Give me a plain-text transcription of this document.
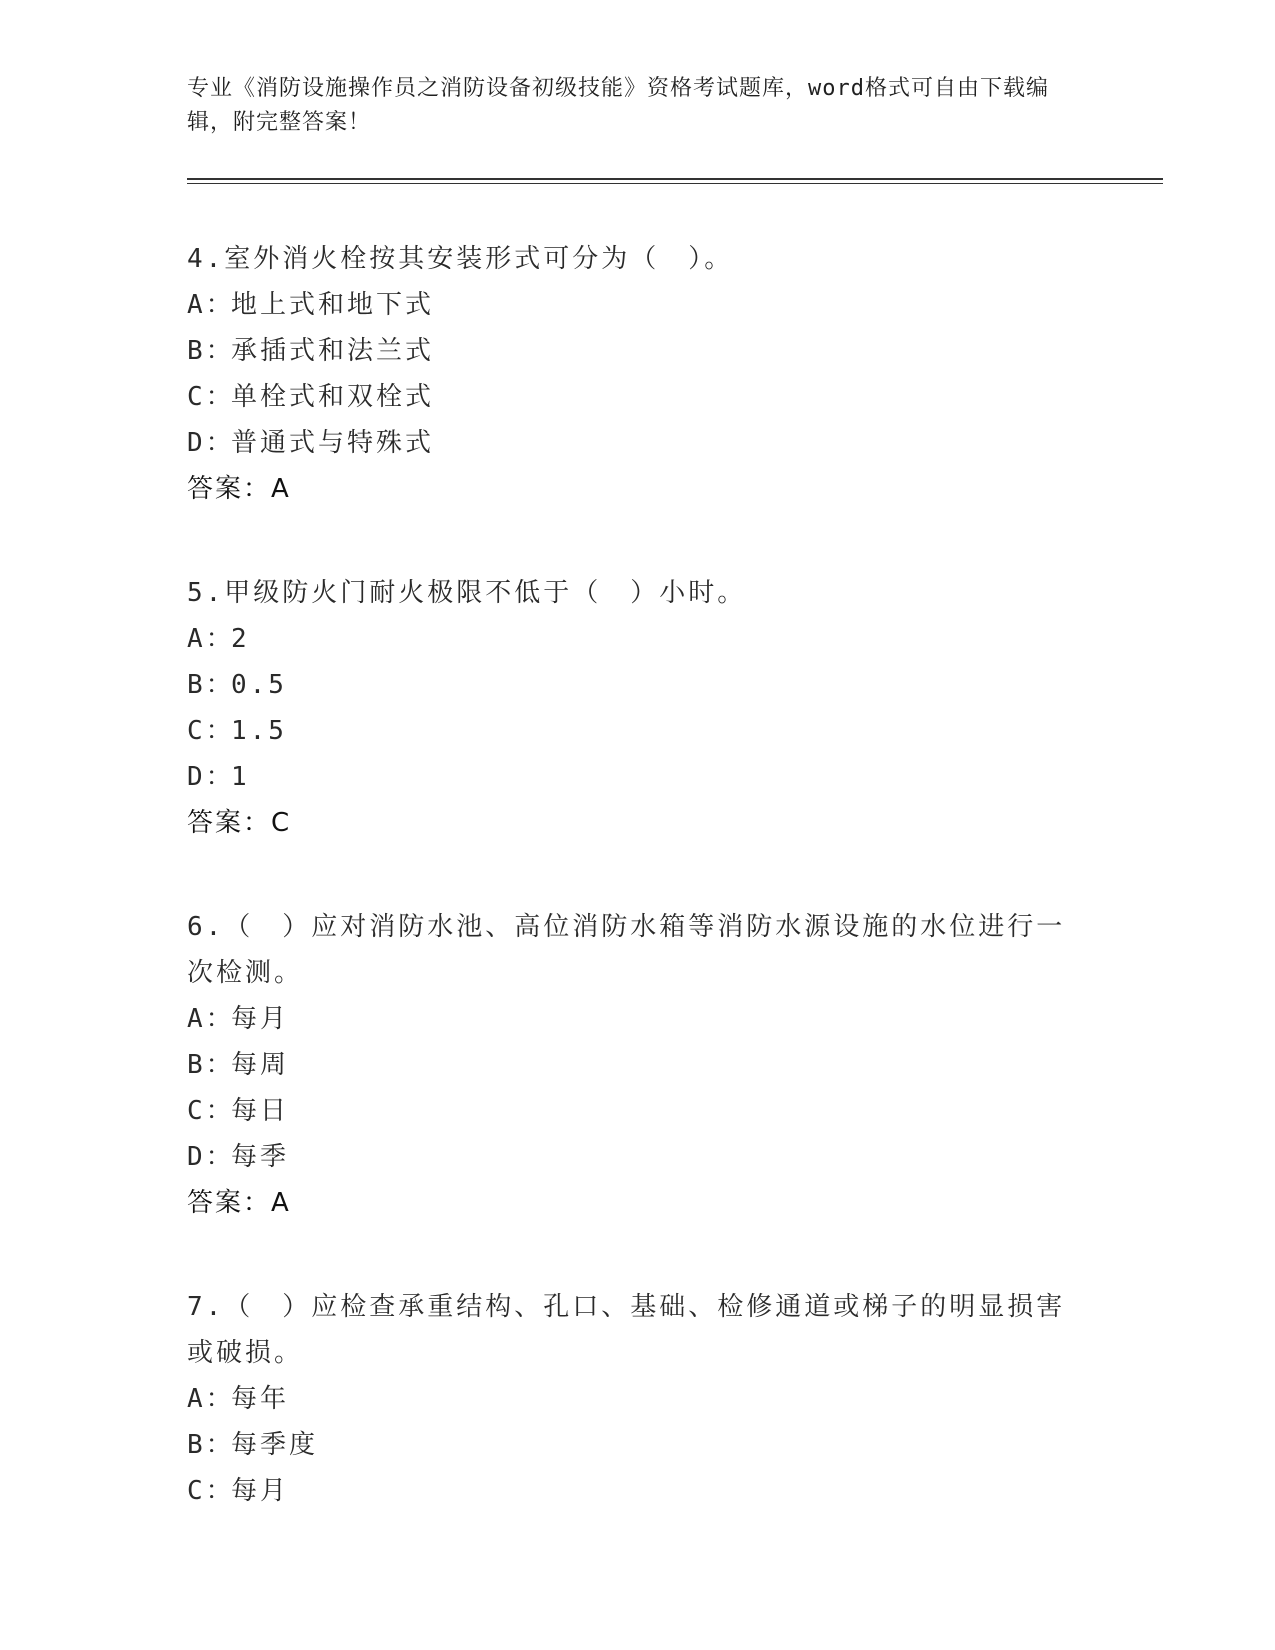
专业《消防设施操作员之消防设备初级技能》资格考试题库，word格式可自由下载编辑，附完整答案！

4.室外消火栓按其安装形式可分为（　）。

A：地上式和地下式

B：承插式和法兰式

C：单栓式和双栓式

D：普通式与特殊式

答案：A

5.甲级防火门耐火极限不低于（　）小时。

A：2

B：0.5

C：1.5

D：1

答案：C

6.（　）应对消防水池、高位消防水箱等消防水源设施的水位进行一次检测。

A：每月

B：每周

C：每日

D：每季

答案：A

7.（　）应检查承重结构、孔口、基础、检修通道或梯子的明显损害或破损。

A：每年

B：每季度

C：每月
